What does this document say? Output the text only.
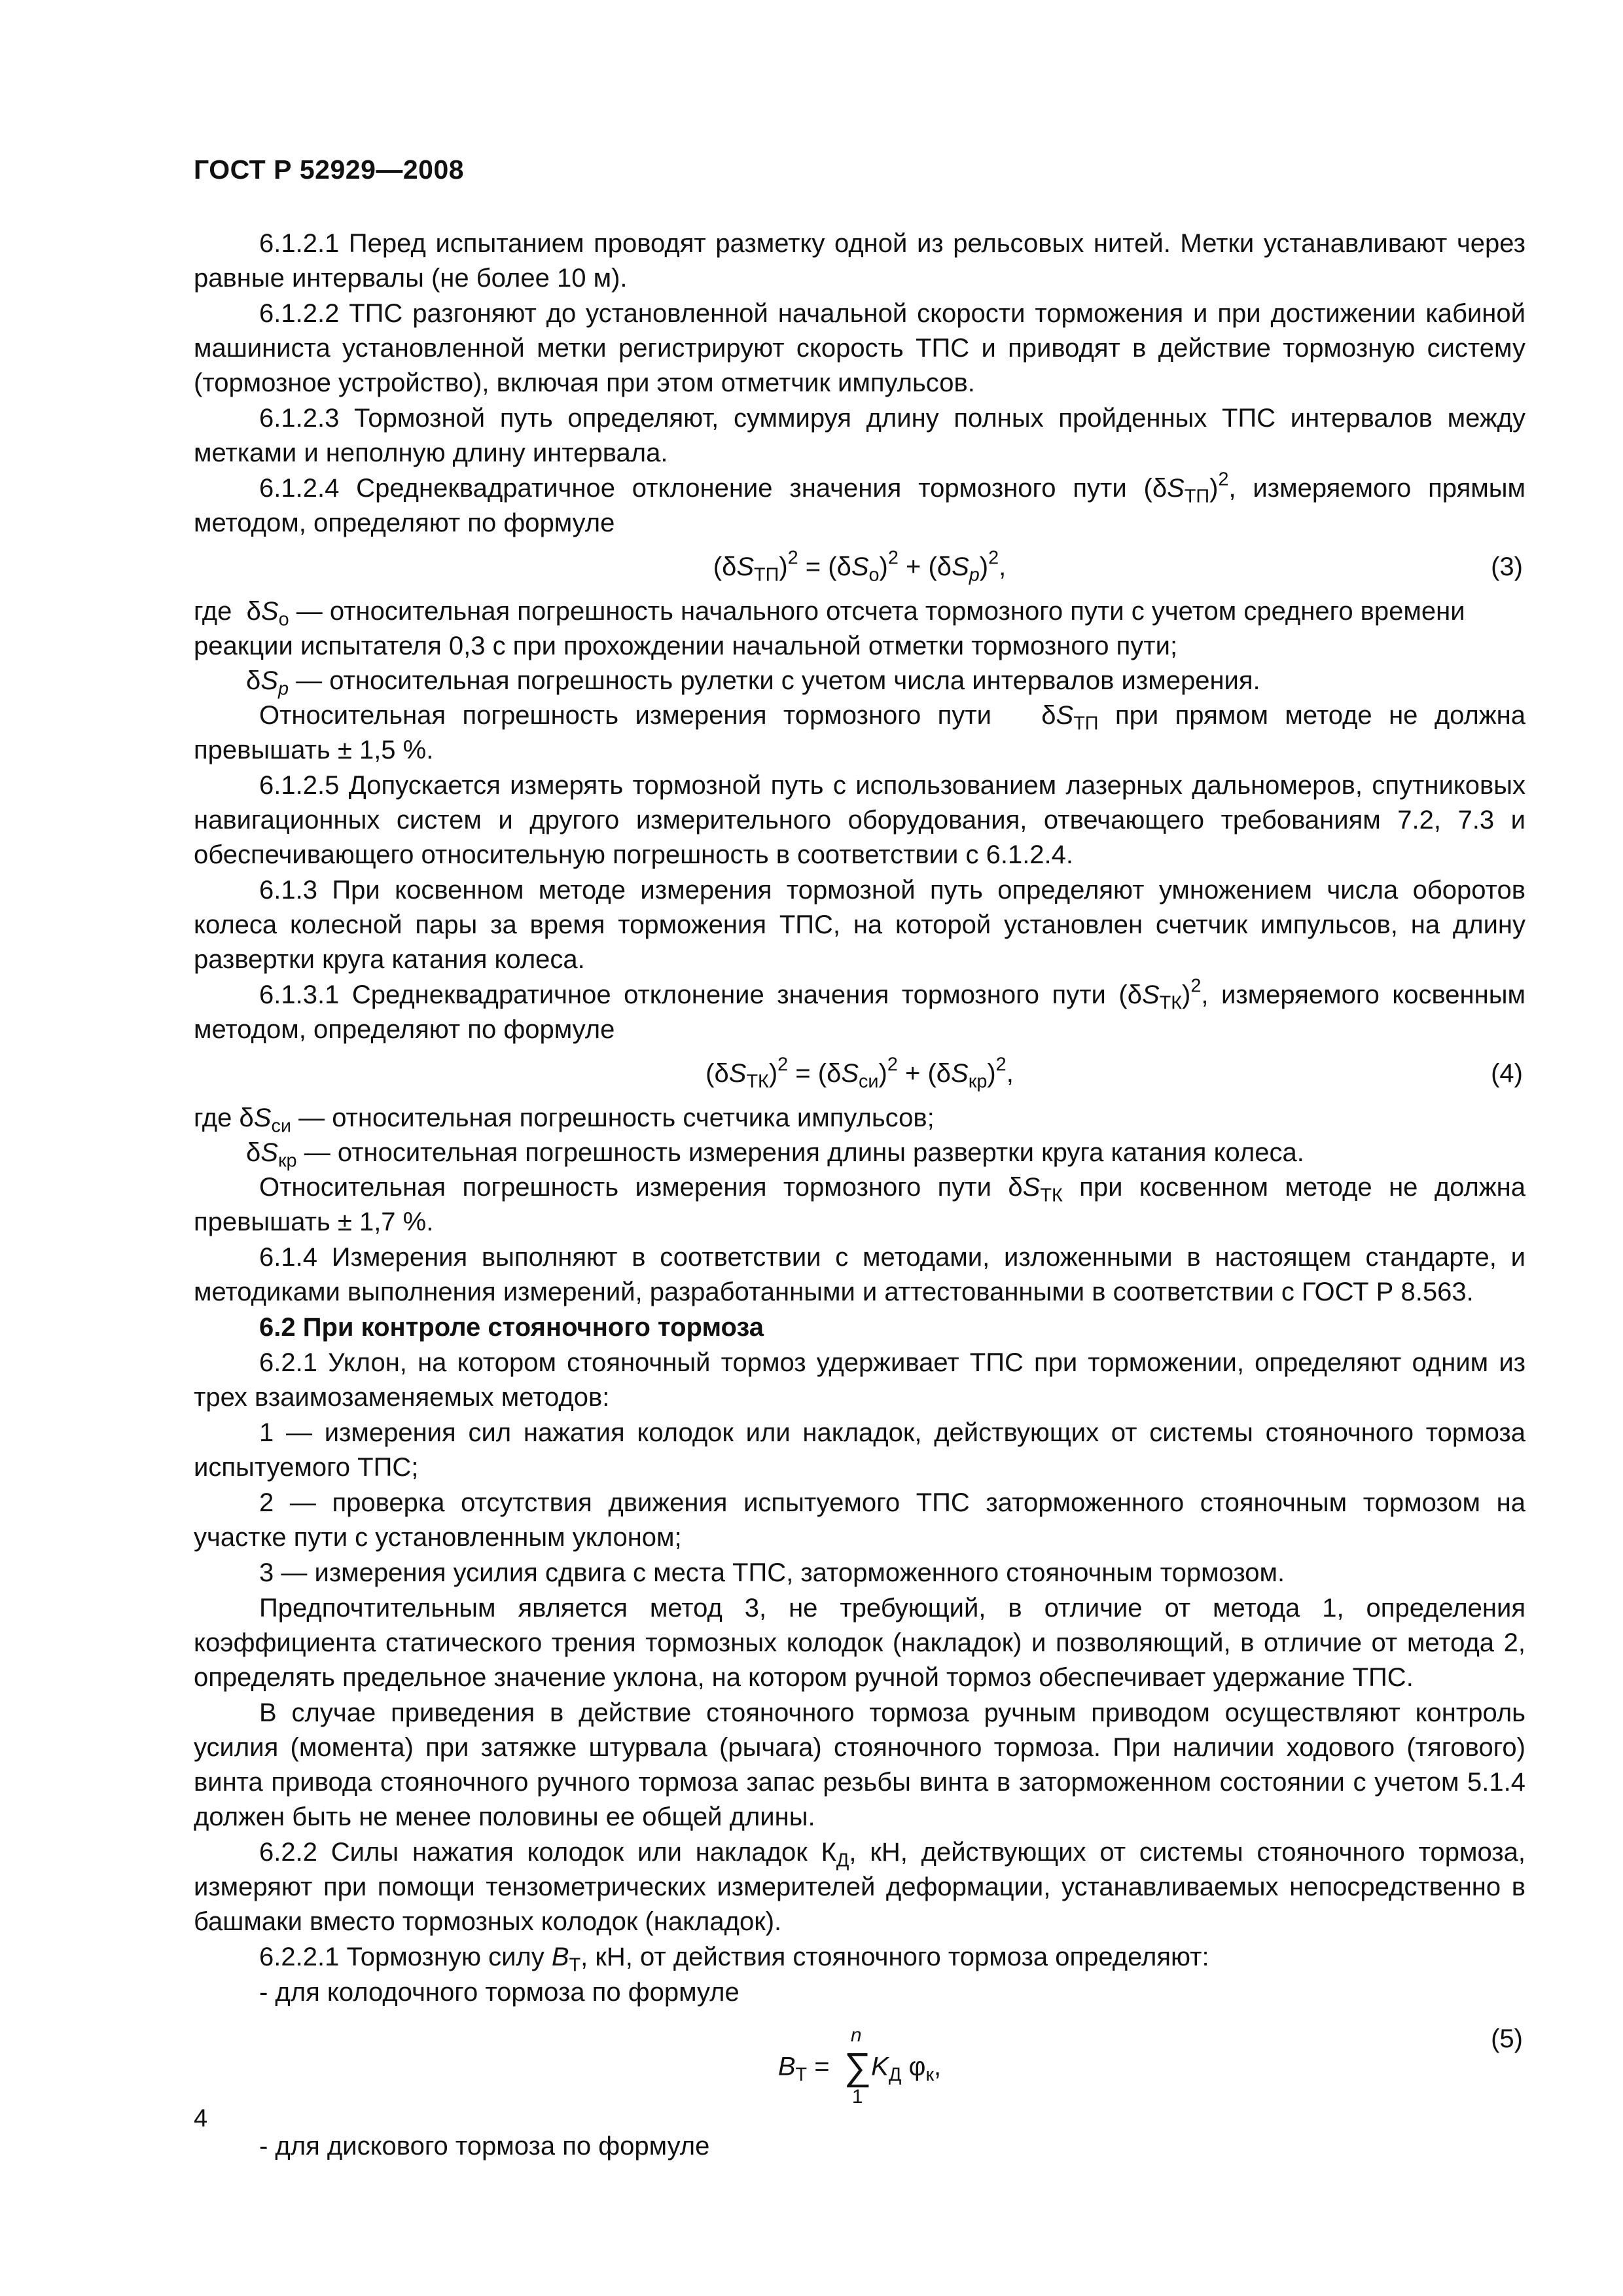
ГОСТ Р 52929—2008

6.1.2.1 Перед испытанием проводят разметку одной из рельсовых нитей. Метки устанавливают через равные интервалы (не более 10 м).

6.1.2.2 ТПС разгоняют до установленной начальной скорости торможения и при достижении кабиной машиниста установленной метки регистрируют скорость ТПС и приводят в действие тормозную систему (тормозное устройство), включая при этом отметчик импульсов.

6.1.2.3 Тормозной путь определяют, суммируя длину полных пройденных ТПС интервалов между метками и неполную длину интервала.

6.1.2.4 Среднеквадратичное отклонение значения тормозного пути $(\delta S_{ТП})^2$, измеряемого прямым методом, определяют по формуле

$(\delta S_{ТП})^2 = (\delta S_о)^2 + (\delta S_p)^2$,	(3)
где  $\delta S_о$ — относительная погрешность начального отсчета тормозного пути с учетом среднего времени
реакции испытателя 0,3 с при прохождении начальной отметки тормозного пути;
$\delta S_p$ — относительная погрешность рулетки с учетом числа интервалов измерения.

Относительная погрешность измерения тормозного пути   $\delta S_{ТП}$ при прямом методе не должна превышать ± 1,5 %.

6.1.2.5 Допускается измерять тормозной путь с использованием лазерных дальномеров, спутниковых навигационных систем и другого измерительного оборудования, отвечающего требованиям 7.2, 7.3 и обеспечивающего относительную погрешность в соответствии с 6.1.2.4.

6.1.3 При косвенном методе измерения тормозной путь определяют умножением числа оборотов колеса колесной пары за время торможения ТПС, на которой установлен счетчик импульсов, на длину развертки круга катания колеса.

6.1.3.1 Среднеквадратичное отклонение значения тормозного пути $(\delta S_{ТК})^2$, измеряемого косвенным методом, определяют по формуле

$(\delta S_{ТК})^2 = (\delta S_{си})^2 + (\delta S_{кр})^2$,	(4)
где $\delta S_{си}$ — относительная погрешность счетчика импульсов;
$\delta S_{кр}$ — относительная погрешность измерения длины развертки круга катания колеса.

Относительная погрешность измерения тормозного пути $\delta S_{ТК}$ при косвенном методе не должна превышать ± 1,7 %.

6.1.4 Измерения выполняют в соответствии с методами, изложенными в настоящем стандарте, и методиками выполнения измерений, разработанными и аттестованными в соответствии с ГОСТ Р 8.563.

6.2 При контроле стояночного тормоза

6.2.1 Уклон, на котором стояночный тормоз удерживает ТПС при торможении, определяют одним из трех взаимозаменяемых методов:

1 — измерения сил нажатия колодок или накладок, действующих от системы стояночного тормоза испытуемого ТПС;

2 — проверка отсутствия движения испытуемого ТПС заторможенного стояночным тормозом на участке пути с установленным уклоном;

3 — измерения усилия сдвига с места ТПС, заторможенного стояночным тормозом.

Предпочтительным является метод 3, не требующий, в отличие от метода 1, определения коэффициента статического трения тормозных колодок (накладок) и позволяющий, в отличие от метода 2, определять предельное значение уклона, на котором ручной тормоз обеспечивает удержание ТПС.

В случае приведения в действие стояночного тормоза ручным приводом осуществляют контроль усилия (момента) при затяжке штурвала (рычага) стояночного тормоза. При наличии ходового (тягового) винта привода стояночного ручного тормоза запас резьбы винта в заторможенном состоянии с учетом 5.1.4 должен быть не менее половины ее общей длины.

6.2.2 Силы нажатия колодок или накладок $К_Д$, кН, действующих от системы стояночного тормоза, измеряют при помощи тензометрических измерителей деформации, устанавливаемых непосредственно в башмаки вместо тормозных колодок (накладок).

6.2.2.1 Тормозную силу $B_Т$, кН, от действия стояночного тормоза определяют:

- для колодочного тормоза по формуле

$B_Т$ =  ∑
n
1
$K_Д$ $\varphi_к$,
(5)

- для дискового тормоза по формуле

4
